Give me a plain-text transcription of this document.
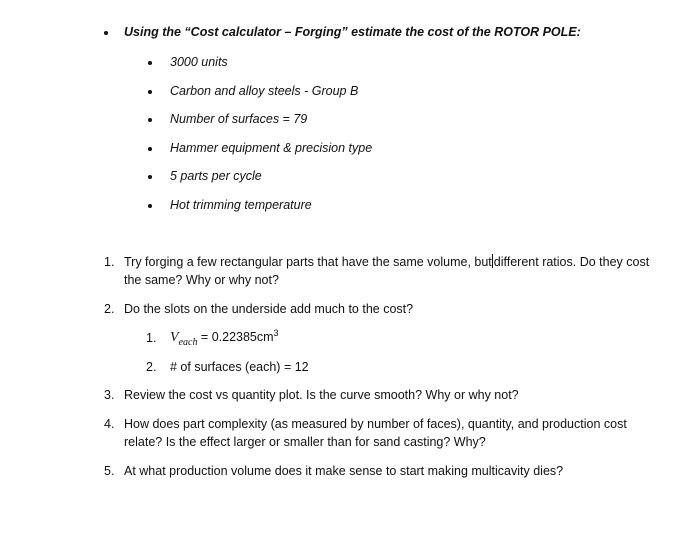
Using the “Cost calculator – Forging” estimate the cost of the ROTOR POLE:
3000 units
Carbon and alloy steels - Group B
Number of surfaces = 79
Hammer equipment & precision type
5 parts per cycle
Hot trimming temperature
1. Try forging a few rectangular parts that have the same volume, but different ratios. Do they cost the same? Why or why not?
2. Do the slots on the underside add much to the cost?
1. $V_{each} = 0.22385cm^3$
2. # of surfaces (each) = 12
3. Review the cost vs quantity plot. Is the curve smooth? Why or why not?
4. How does part complexity (as measured by number of faces), quantity, and production cost relate? Is the effect larger or smaller than for sand casting? Why?
5. At what production volume does it make sense to start making multicavity dies?
